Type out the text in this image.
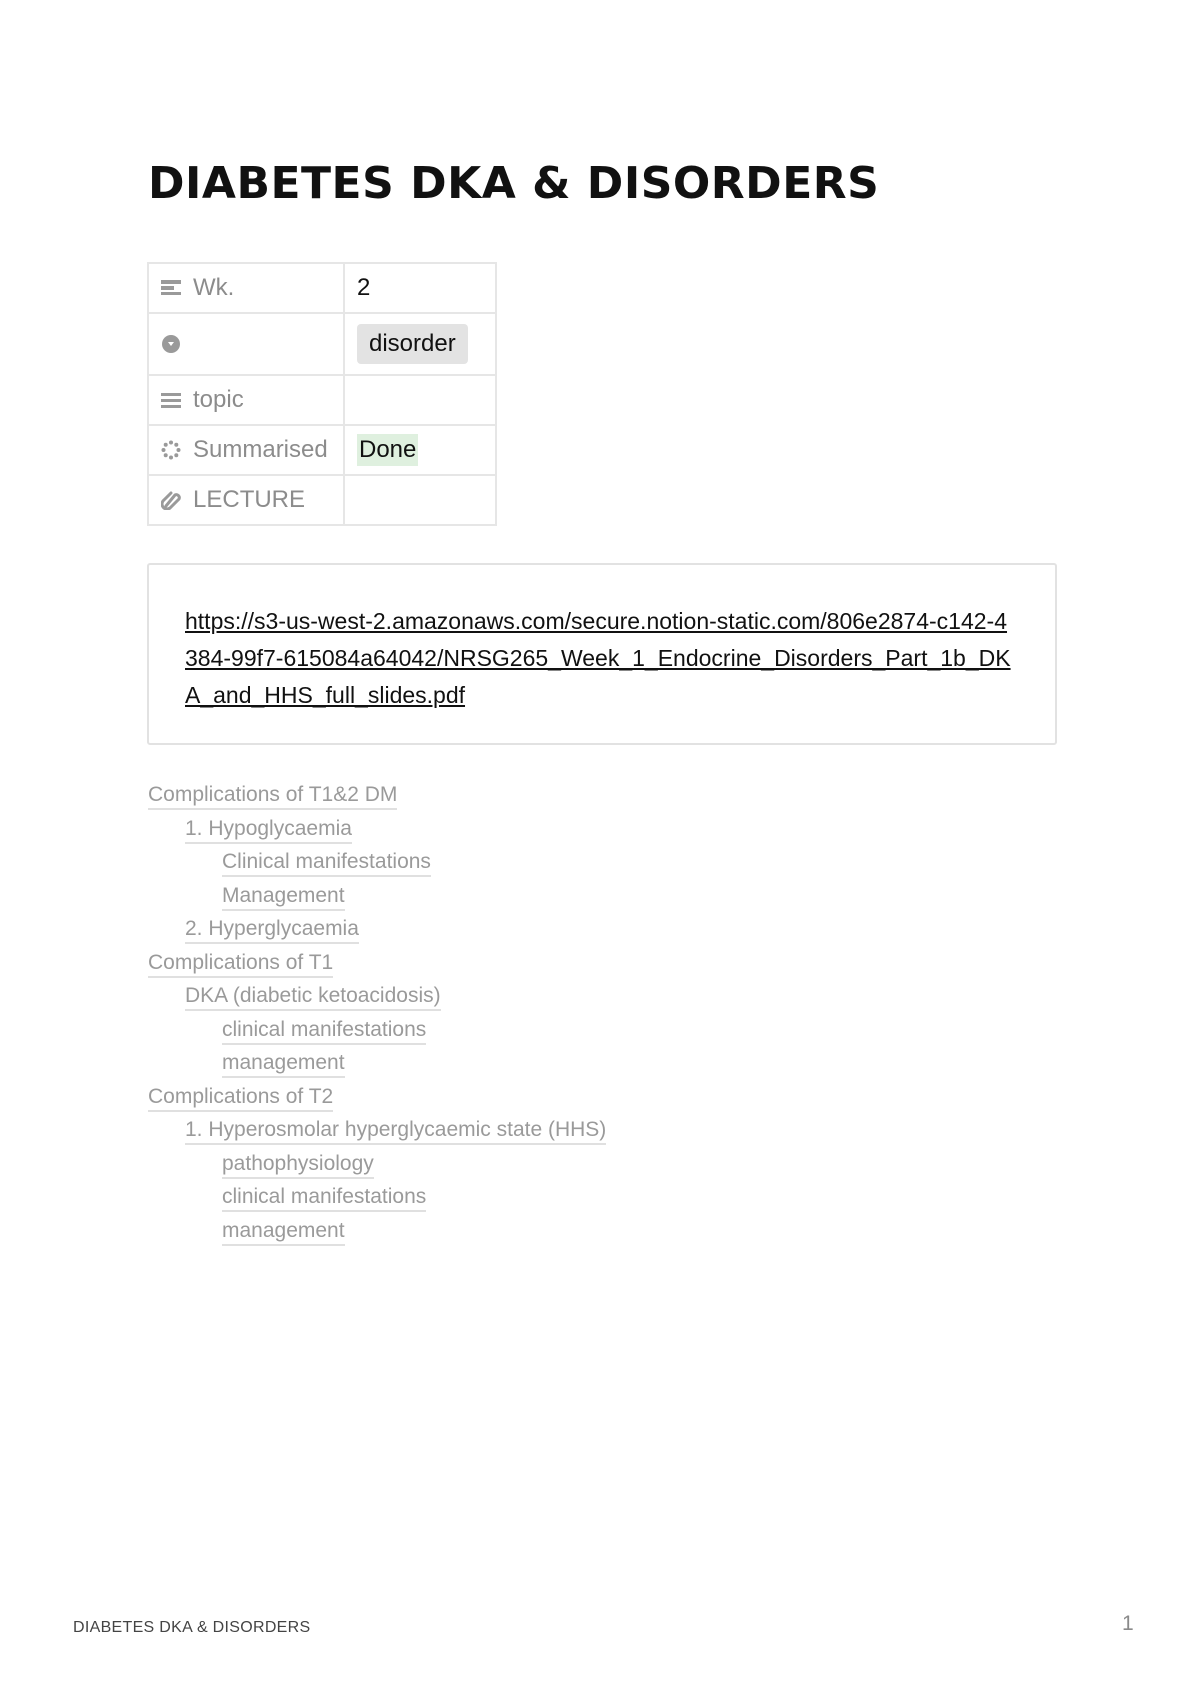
DIABETES DKA & DISORDERS
Wk.	2

	disorder

topic	

Summarised	Done

LECTURE	

https://s3-us-west-2.amazonaws.com/secure.notion-static.com/806e2874-c142-4384-99f7-615084a64042/NRSG265_Week_1_Endocrine_Disorders_Part_1b_DKA_and_HHS_full_slides.pdf
Complications of T1&2 DM
1. Hypoglycaemia
Clinical manifestations
Management
2. Hyperglycaemia
Complications of T1
DKA (diabetic ketoacidosis)
clinical manifestations
management
Complications of T2
1. Hyperosmolar hyperglycaemic state (HHS)
pathophysiology
clinical manifestations
management
DIABETES DKA & DISORDERS	1
